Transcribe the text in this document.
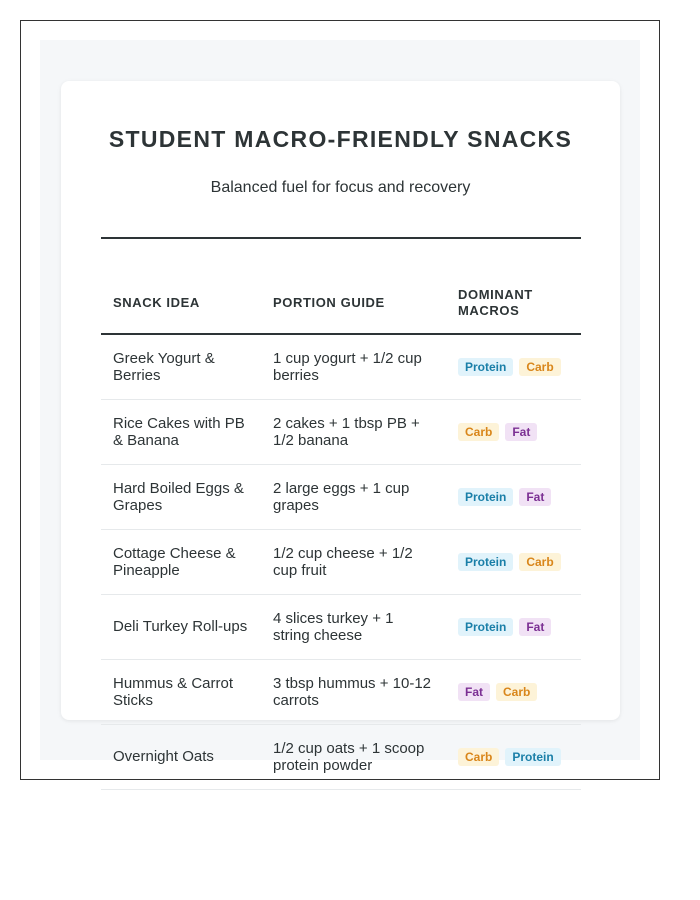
STUDENT MACRO-FRIENDLY SNACKS
Balanced fuel for focus and recovery
SNACK IDEA	PORTION GUIDE	DOMINANT MACROS
Greek Yogurt & Berries	1 cup yogurt + 1/2 cup berries	Protein Carb
Rice Cakes with PB & Banana	2 cakes + 1 tbsp PB + 1/2 banana	Carb Fat
Hard Boiled Eggs & Grapes	2 large eggs + 1 cup grapes	Protein Fat
Cottage Cheese & Pineapple	1/2 cup cheese + 1/2 cup fruit	Protein Carb
Deli Turkey Roll-ups	4 slices turkey + 1 string cheese	Protein Fat
Hummus & Carrot Sticks	3 tbsp hummus + 10-12 carrots	Fat Carb
Overnight Oats	1/2 cup oats + 1 scoop protein powder	Carb Protein
